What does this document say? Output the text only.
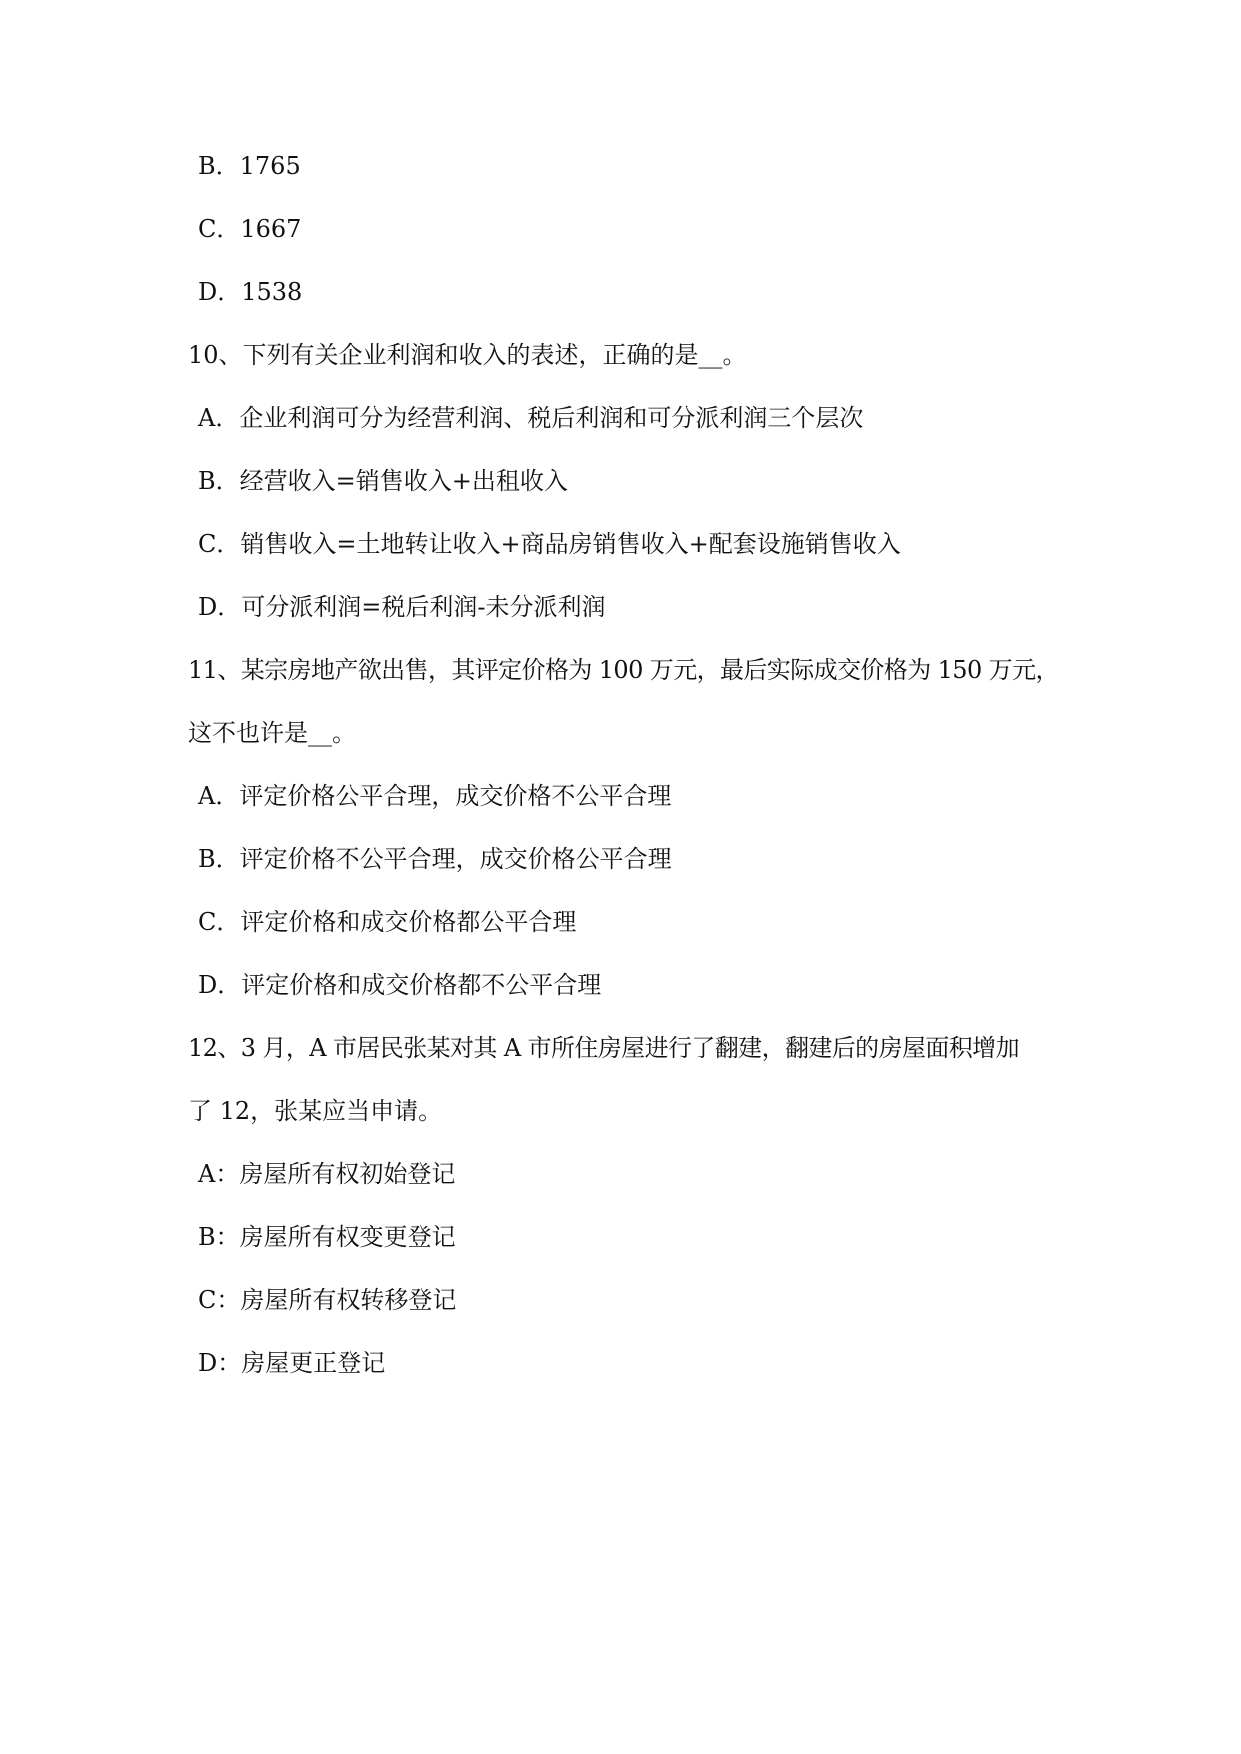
B．1765
C．1667
D．1538
10、下列有关企业利润和收入的表述，正确的是__。
A．企业利润可分为经营利润、税后利润和可分派利润三个层次
B．经营收入=销售收入+出租收入
C．销售收入=土地转让收入+商品房销售收入+配套设施销售收入
D．可分派利润=税后利润-未分派利润
11、某宗房地产欲出售，其评定价格为 100 万元，最后实际成交价格为 150 万元，
这不也许是__。
A．评定价格公平合理，成交价格不公平合理
B．评定价格不公平合理，成交价格公平合理
C．评定价格和成交价格都公平合理
D．评定价格和成交价格都不公平合理
12、3 月，A 市居民张某对其 A 市所住房屋进行了翻建，翻建后的房屋面积增加
了 12，张某应当申请。
A：房屋所有权初始登记
B：房屋所有权变更登记
C：房屋所有权转移登记
D：房屋更正登记
